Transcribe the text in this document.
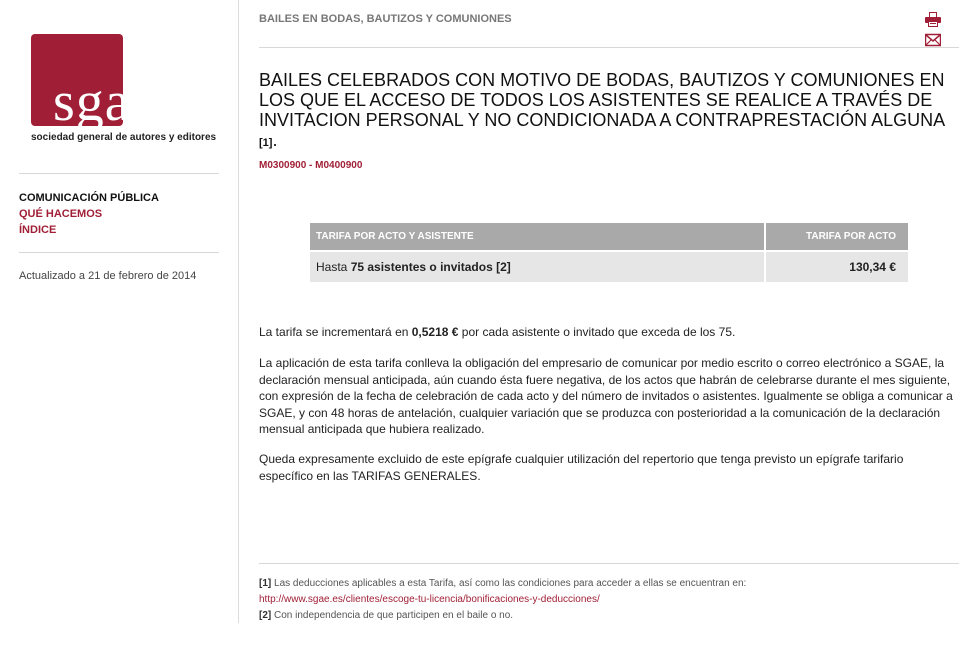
sgae
sociedad general de autores y editores
COMUNICACIÓN PÚBLICA
QUÉ HACEMOS
ÍNDICE
Actualizado a 21 de febrero de 2014
BAILES EN BODAS, BAUTIZOS Y COMUNIONES

BAILES CELEBRADOS CON MOTIVO DE BODAS, BAUTIZOS Y COMUNIONES EN LOS QUE EL ACCESO DE TODOS LOS ASISTENTES SE REALICE A TRAVÉS DE INVITACION PERSONAL Y NO CONDICIONADA A CONTRAPRESTACIÓN ALGUNA [1].
M0300900 - M0400900
TARIFA POR ACTO Y ASISTENTE	TARIFA POR ACTO
Hasta 75 asistentes o invitados [2]	130,34 €

La tarifa se incrementará en 0,5218 € por cada asistente o invitado que exceda de los 75.

La aplicación de esta tarifa conlleva la obligación del empresario de comunicar por medio escrito o correo electrónico a SGAE, la declaración mensual anticipada, aún cuando ésta fuere negativa, de los actos que habrán de celebrarse durante el mes siguiente, con expresión de la fecha de celebración de cada acto y del número de invitados o asistentes. Igualmente se obliga a comunicar a SGAE, y con 48 horas de antelación, cualquier variación que se produzca con posterioridad a la comunicación de la declaración mensual anticipada que hubiera realizado.

Queda expresamente excluido de este epígrafe cualquier utilización del repertorio que tenga previsto un epígrafe tarifario específico en las TARIFAS GENERALES.

[1] Las deducciones aplicables a esta Tarifa, así como las condiciones para acceder a ellas se encuentran en:
http://www.sgae.es/clientes/escoge-tu-licencia/bonificaciones-y-deducciones/
[2] Con independencia de que participen en el baile o no.
